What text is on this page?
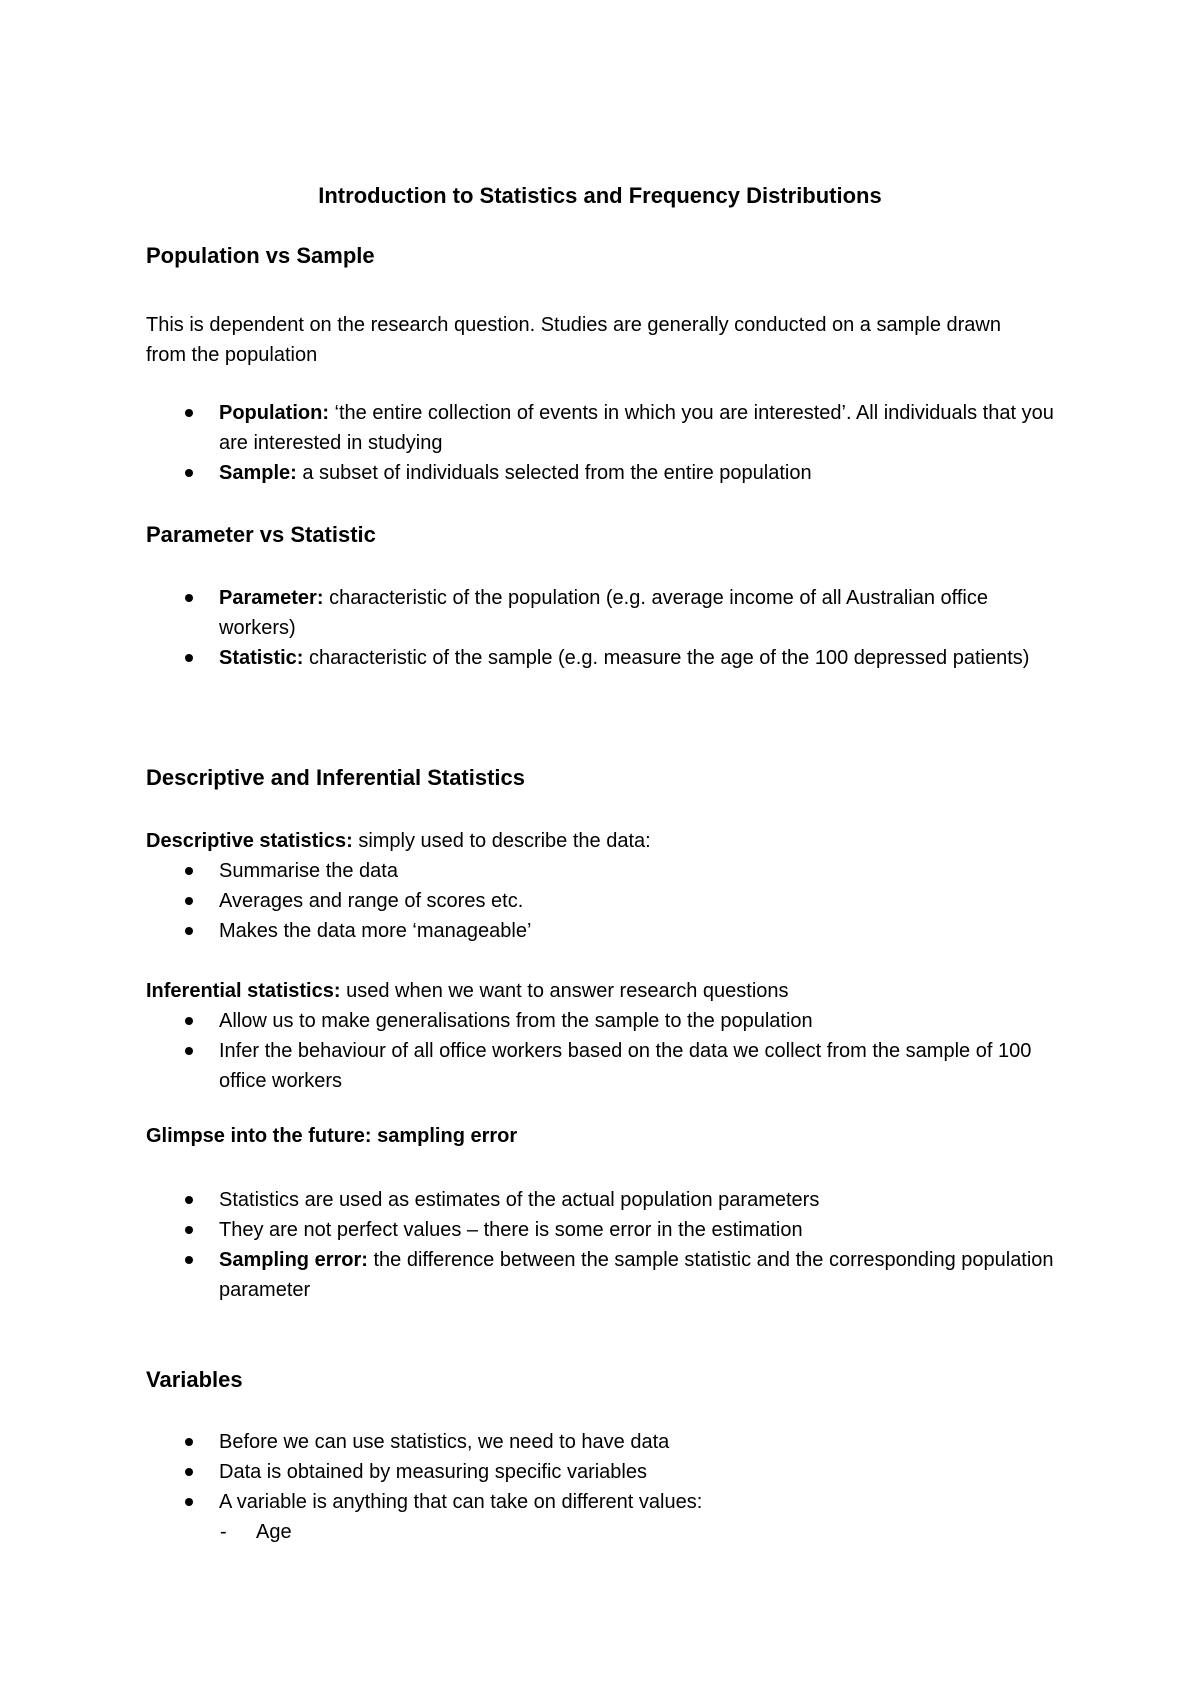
Introduction to Statistics and Frequency Distributions
Population vs Sample

This is dependent on the research question. Studies are generally conducted on a sample drawn from the population

Population: ‘the entire collection of events in which you are interested’. All individuals that you are interested in studying
Sample: a subset of individuals selected from the entire population
Parameter vs Statistic
Parameter: characteristic of the population (e.g. average income of all Australian office workers)
Statistic: characteristic of the sample (e.g. measure the age of the 100 depressed patients)
Descriptive and Inferential Statistics

Descriptive statistics: simply used to describe the data:

Summarise the data
Averages and range of scores etc.
Makes the data more ‘manageable’

Inferential statistics: used when we want to answer research questions

Allow us to make generalisations from the sample to the population
Infer the behaviour of all office workers based on the data we collect from the sample of 100 office workers

Glimpse into the future: sampling error

Statistics are used as estimates of the actual population parameters
They are not perfect values – there is some error in the estimation
Sampling error: the difference between the sample statistic and the corresponding population parameter
Variables
Before we can use statistics, we need to have data
Data is obtained by measuring specific variables
A variable is anything that can take on different values:

- Age
